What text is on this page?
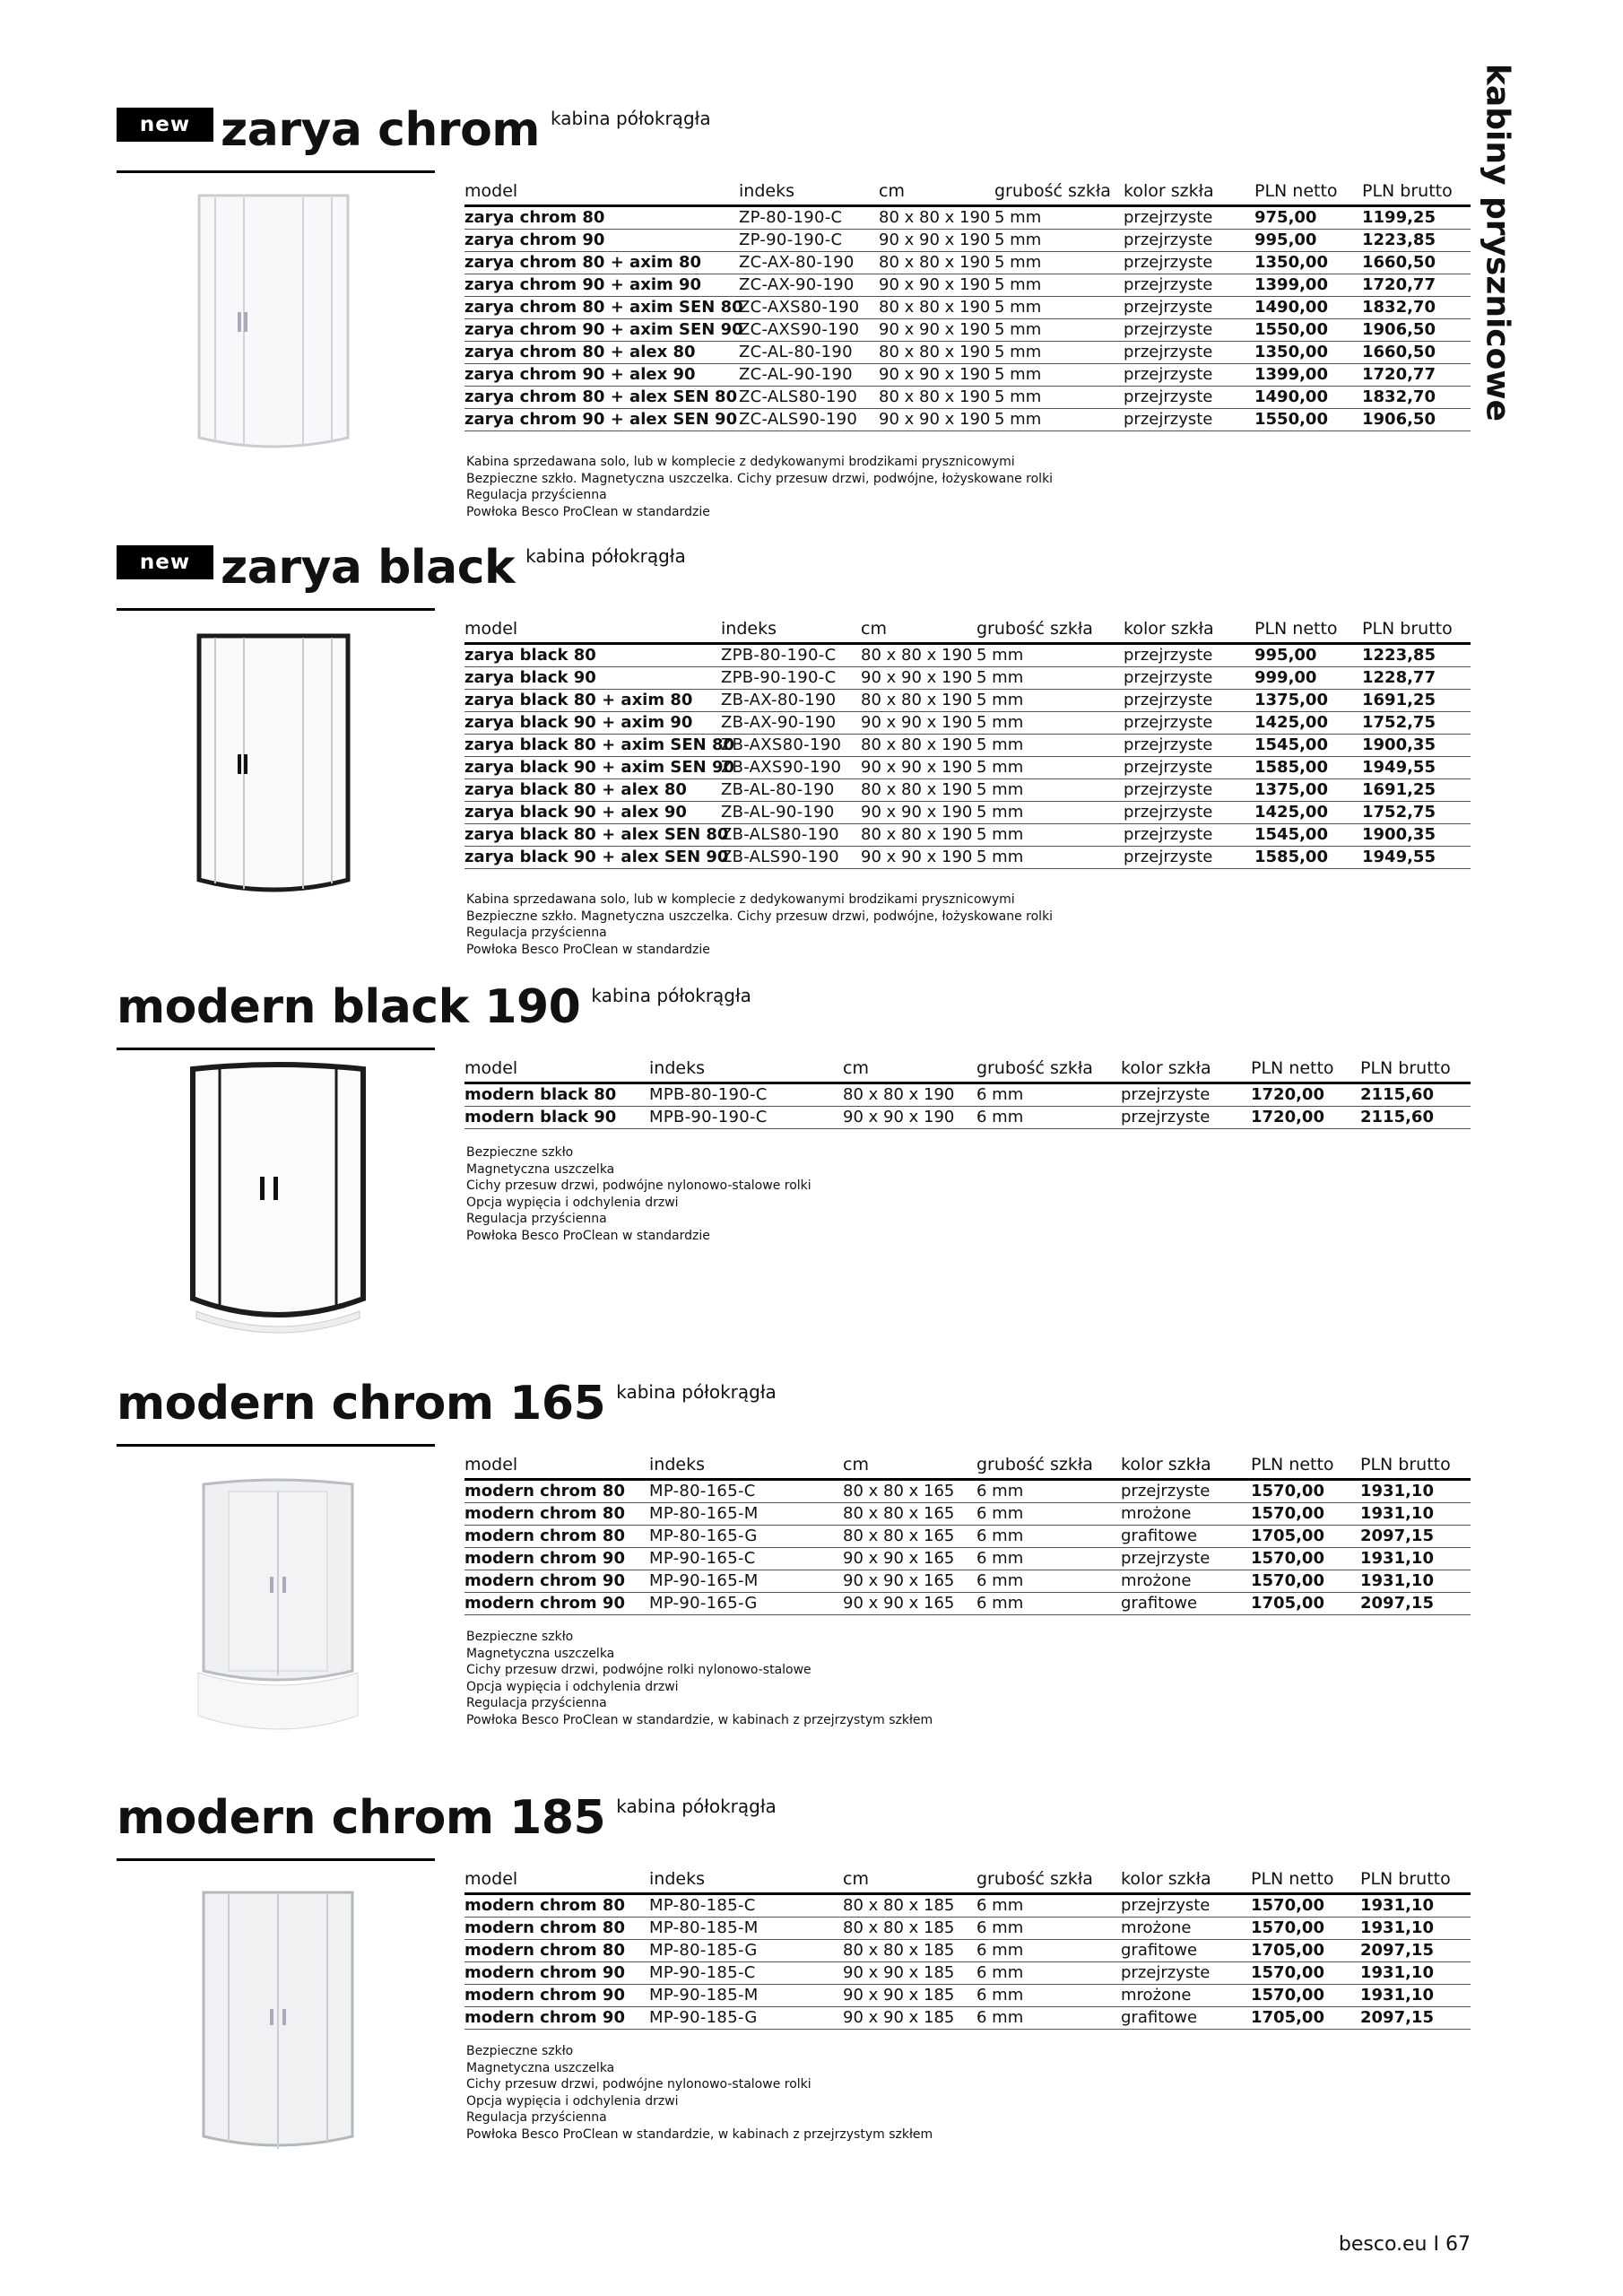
kabiny prysznicowe
new zarya chrom kabina półokrągła
model	indeks	cm	grubość szkła	kolor szkła	PLN netto	PLN brutto
zarya chrom 80	ZP-80-190-C	80 x 80 x 190	5 mm	przejrzyste	975,00	1199,25
zarya chrom 90	ZP-90-190-C	90 x 90 x 190	5 mm	przejrzyste	995,00	1223,85
zarya chrom 80 + axim 80	ZC-AX-80-190	80 x 80 x 190	5 mm	przejrzyste	1350,00	1660,50
zarya chrom 90 + axim 90	ZC-AX-90-190	90 x 90 x 190	5 mm	przejrzyste	1399,00	1720,77
zarya chrom 80 + axim SEN 80	ZC-AXS80-190	80 x 80 x 190	5 mm	przejrzyste	1490,00	1832,70
zarya chrom 90 + axim SEN 90	ZC-AXS90-190	90 x 90 x 190	5 mm	przejrzyste	1550,00	1906,50
zarya chrom 80 + alex 80	ZC-AL-80-190	80 x 80 x 190	5 mm	przejrzyste	1350,00	1660,50
zarya chrom 90 + alex 90	ZC-AL-90-190	90 x 90 x 190	5 mm	przejrzyste	1399,00	1720,77
zarya chrom 80 + alex SEN 80	ZC-ALS80-190	80 x 80 x 190	5 mm	przejrzyste	1490,00	1832,70
zarya chrom 90 + alex SEN 90	ZC-ALS90-190	90 x 90 x 190	5 mm	przejrzyste	1550,00	1906,50
Kabina sprzedawana solo, lub w komplecie z dedykowanymi brodzikami prysznicowymi
Bezpieczne szkło. Magnetyczna uszczelka. Cichy przesuw drzwi, podwójne, łożyskowane rolki
Regulacja przyścienna
Powłoka Besco ProClean w standardzie
new zarya black kabina półokrągła
model	indeks	cm	grubość szkła	kolor szkła	PLN netto	PLN brutto
zarya black 80	ZPB-80-190-C	80 x 80 x 190	5 mm	przejrzyste	995,00	1223,85
zarya black 90	ZPB-90-190-C	90 x 90 x 190	5 mm	przejrzyste	999,00	1228,77
zarya black 80 + axim 80	ZB-AX-80-190	80 x 80 x 190	5 mm	przejrzyste	1375,00	1691,25
zarya black 90 + axim 90	ZB-AX-90-190	90 x 90 x 190	5 mm	przejrzyste	1425,00	1752,75
zarya black 80 + axim SEN 80	ZB-AXS80-190	80 x 80 x 190	5 mm	przejrzyste	1545,00	1900,35
zarya black 90 + axim SEN 90	ZB-AXS90-190	90 x 90 x 190	5 mm	przejrzyste	1585,00	1949,55
zarya black 80 + alex 80	ZB-AL-80-190	80 x 80 x 190	5 mm	przejrzyste	1375,00	1691,25
zarya black 90 + alex 90	ZB-AL-90-190	90 x 90 x 190	5 mm	przejrzyste	1425,00	1752,75
zarya black 80 + alex SEN 80	ZB-ALS80-190	80 x 80 x 190	5 mm	przejrzyste	1545,00	1900,35
zarya black 90 + alex SEN 90	ZB-ALS90-190	90 x 90 x 190	5 mm	przejrzyste	1585,00	1949,55
Kabina sprzedawana solo, lub w komplecie z dedykowanymi brodzikami prysznicowymi
Bezpieczne szkło. Magnetyczna uszczelka. Cichy przesuw drzwi, podwójne, łożyskowane rolki
Regulacja przyścienna
Powłoka Besco ProClean w standardzie
modern black 190 kabina półokrągła
model	indeks	cm	grubość szkła	kolor szkła	PLN netto	PLN brutto
modern black 80	MPB-80-190-C	80 x 80 x 190	6 mm	przejrzyste	1720,00	2115,60
modern black 90	MPB-90-190-C	90 x 90 x 190	6 mm	przejrzyste	1720,00	2115,60
Bezpieczne szkło
Magnetyczna uszczelka
Cichy przesuw drzwi, podwójne nylonowo-stalowe rolki
Opcja wypięcia i odchylenia drzwi
Regulacja przyścienna
Powłoka Besco ProClean w standardzie
modern chrom 165 kabina półokrągła
model	indeks	cm	grubość szkła	kolor szkła	PLN netto	PLN brutto
modern chrom 80	MP-80-165-C	80 x 80 x 165	6 mm	przejrzyste	1570,00	1931,10
modern chrom 80	MP-80-165-M	80 x 80 x 165	6 mm	mrożone	1570,00	1931,10
modern chrom 80	MP-80-165-G	80 x 80 x 165	6 mm	grafitowe	1705,00	2097,15
modern chrom 90	MP-90-165-C	90 x 90 x 165	6 mm	przejrzyste	1570,00	1931,10
modern chrom 90	MP-90-165-M	90 x 90 x 165	6 mm	mrożone	1570,00	1931,10
modern chrom 90	MP-90-165-G	90 x 90 x 165	6 mm	grafitowe	1705,00	2097,15
Bezpieczne szkło
Magnetyczna uszczelka
Cichy przesuw drzwi, podwójne rolki nylonowo-stalowe
Opcja wypięcia i odchylenia drzwi
Regulacja przyścienna
Powłoka Besco ProClean w standardzie, w kabinach z przejrzystym szkłem
modern chrom 185 kabina półokrągła
model	indeks	cm	grubość szkła	kolor szkła	PLN netto	PLN brutto
modern chrom 80	MP-80-185-C	80 x 80 x 185	6 mm	przejrzyste	1570,00	1931,10
modern chrom 80	MP-80-185-M	80 x 80 x 185	6 mm	mrożone	1570,00	1931,10
modern chrom 80	MP-80-185-G	80 x 80 x 185	6 mm	grafitowe	1705,00	2097,15
modern chrom 90	MP-90-185-C	90 x 90 x 185	6 mm	przejrzyste	1570,00	1931,10
modern chrom 90	MP-90-185-M	90 x 90 x 185	6 mm	mrożone	1570,00	1931,10
modern chrom 90	MP-90-185-G	90 x 90 x 185	6 mm	grafitowe	1705,00	2097,15
Bezpieczne szkło
Magnetyczna uszczelka
Cichy przesuw drzwi, podwójne nylonowo-stalowe rolki
Opcja wypięcia i odchylenia drzwi
Regulacja przyścienna
Powłoka Besco ProClean w standardzie, w kabinach z przejrzystym szkłem
besco.eu I 67
